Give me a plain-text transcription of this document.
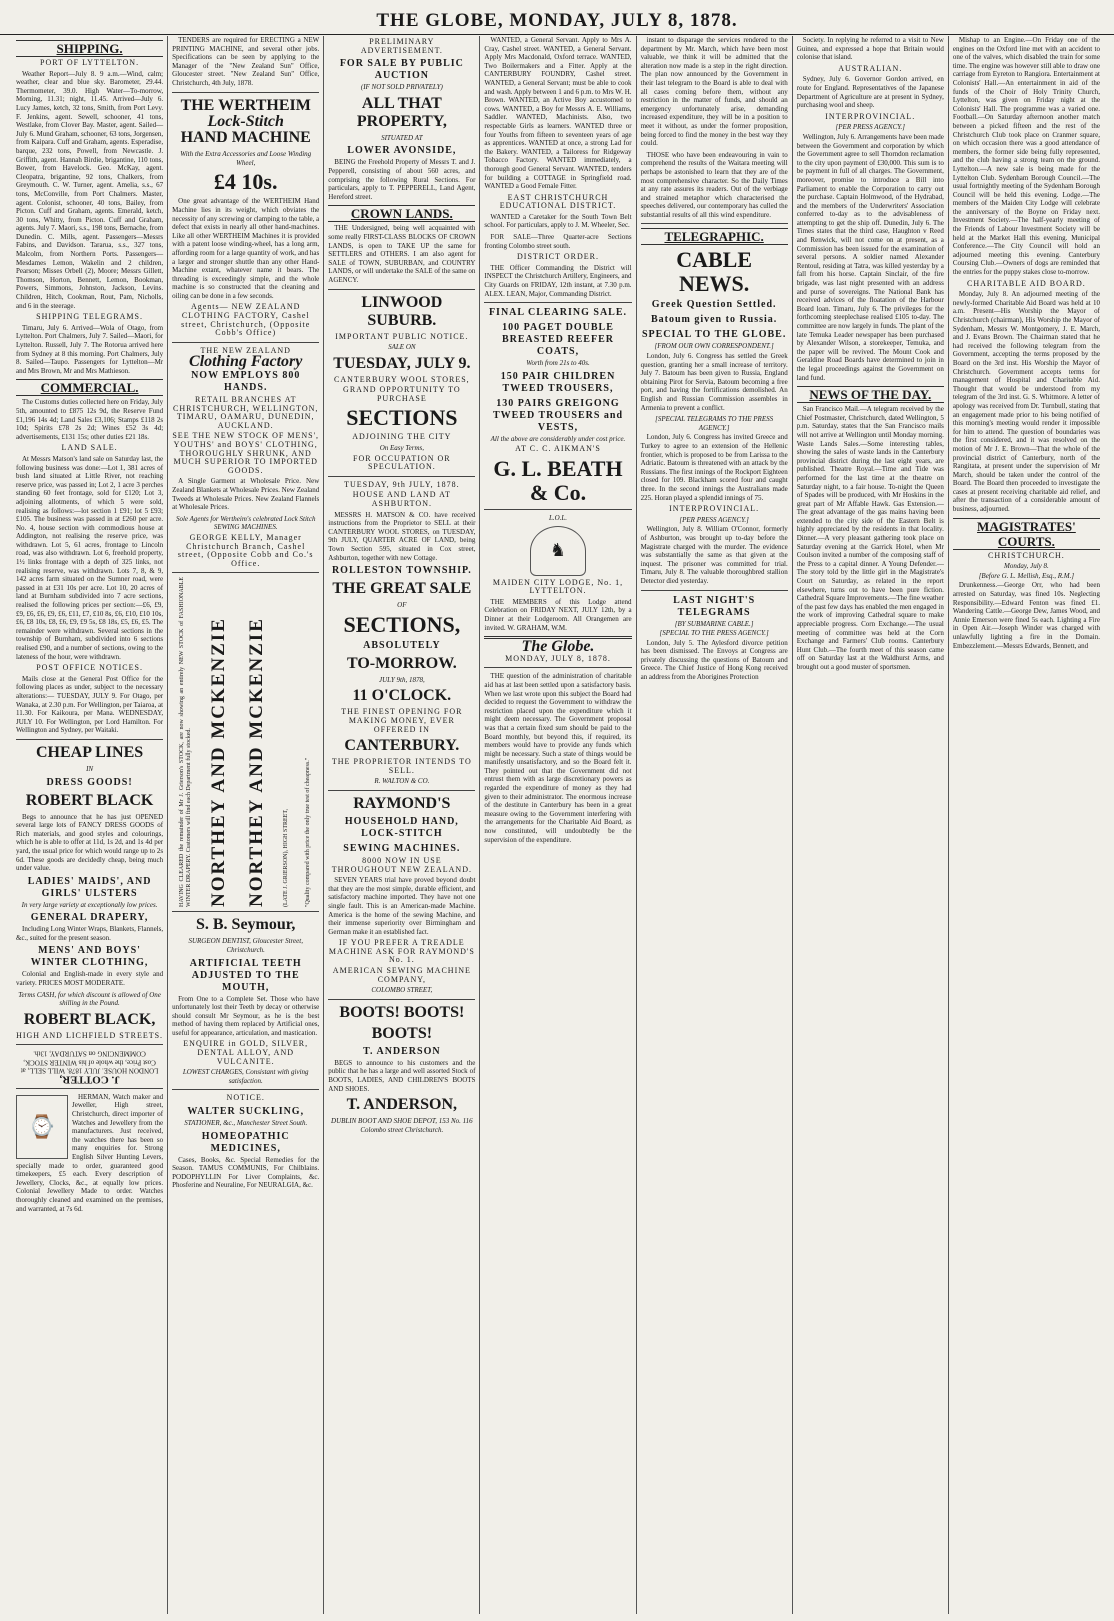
THE GLOBE, MONDAY, JULY 8, 1878.
SHIPPING.
PORT OF LYTTELTON.

Weather Report—July 8. 9 a.m.—Wind, calm; weather, clear and blue sky. Barometer, 29.44. Thermometer, 39.0. High Water—To-morrow, Morning, 11.31; night, 11.45. Arrived—July 6. Lucy James, ketch, 32 tons, Smith, from Port Levy. F. Jenkins, agent. Sewell, schooner, 41 tons, Westlake, from Clover Bay. Master, agent. Sailed—July 6. Mund Graham, schooner, 63 tons, Jorgensen, from Kaipara. Cuff and Graham, agents. Esperadise, barque, 232 tons, Powell, from Newcastle. J. Griffith, agent. Hannah Birdie, brigantine, 110 tons, Bower, from Havelock. Geo. McKay, agent. Cleopatra, brigantine, 92 tons, Chalkers, from Greymouth. C. W. Turner, agent. Amelia, s.s., 67 tons, McConville, from Port Chalmers. Master, agent. Colonist, schooner, 40 tons, Bailey, from Picton. Cuff and Graham, agents. Emerald, ketch, 30 tons, Whitty, from Picton. Cuff and Graham, agents. July 7. Maori, s.s., 198 tons, Bernache, from Dunedin. C. Mills, agent. Passengers—Messrs Fabins, and Davidson. Tararua, s.s., 327 tons, Malcolm, from Northern Ports. Passengers—Mesdames Lemon, Wakelin and 2 children, Pearson; Misses Orbell (2), Moore; Messrs Gillett, Thomson, Horton, Bennett, Lemon, Bookman, Powers, Simmons, Johnston, Jackson, Levins. Children, Hitch, Cookman, Rout, Pam, Nicholls, and 6 in the steerage.

SHIPPING TELEGRAMS.

Timaru, July 6. Arrived—Wola of Otago, from Lyttelton. Port Chalmers, July 7. Sailed—Maori, for Lyttelton. Russell, July 7. The Rotorua arrived here from Sydney at 8 this morning. Port Chalmers, July 8. Sailed—Taupo. Passengers for Lyttelton—Mr and Mrs Brown, Mr and Mrs Mathieson.

COMMERCIAL.

The Customs duties collected here on Friday, July 5th, amounted to £875 12s 9d, the Reserve Fund £1,196 14s 4d; Land Sales £3,106; Stamps £118 2s 10d; Spirits £78 2s 2d; Wines £52 3s 4d; advertisements, £131 15s; other duties £21 18s.

LAND SALE.

At Messrs Matson's land sale on Saturday last, the following business was done:—Lot 1, 381 acres of bush land situated at Little River, not reaching reserve price, was passed in; Lot 2, 1 acre 3 perches standing 60 feet frontage, sold for £120; Lot 3, adjoining allotments, of which 5 were sold, realising as follows:—lot section 1 £91; lot 5 £93; £105. The business was passed in at £260 per acre. No. 4, house section with commodious house at Addington, not realising the reserve price, was withdrawn. Lot 5, 61 acres, frontage to Lincoln road, was also withdrawn. Lot 6, freehold property, 1½ links frontage with a depth of 325 links, not realising reserve, was withdrawn. Lots 7, 8, & 9, 142 acres farm situated on the Sumner road, were passed in at £31 10s per acre. Lot 10, 20 acres of land at Burnham subdivided into 7 acre sections, realised the following prices per section:—£6, £9, £9, £6, £6, £9, £6, £11, £7, £10 8s, £6, £10, £10 10s, £6, £8 10s, £8, £6, £9, £9 5s, £8 18s, £5, £6, £5. The remainder were withdrawn. Several sections in the township of Burnham, subdivided into 6 sections realised £90, and a number of sections, owing to the lateness of the hour, were withdrawn.

POST OFFICE NOTICES.

Mails close at the General Post Office for the following places as under, subject to the necessary alterations:— TUESDAY, JULY 9. For Otago, per Wanaka, at 2.30 p.m. For Wellington, per Taiaroa, at 11.30. For Kaikoura, per Mana. WEDNESDAY, JULY 10. For Wellington, per Lord Hamilton. For Wellington and Sydney, per Waitaki.

CHEAP LINES
IN
DRESS GOODS!
ROBERT BLACK

Begs to announce that he has just OPENED several large lots of FANCY DRESS GOODS of Rich materials, and good styles and colourings, which he is able to offer at 11d, 1s 2d, and 1s 4d per yard, the usual price for which would range up to 2s 6d. These goods are decidedly cheap, being much under value.

LADIES' MAIDS', AND GIRLS' ULSTERS
In very large variety at exceptionally low prices.
GENERAL DRAPERY,

Including Long Winter Wraps, Blankets, Flannels, &c., suited for the present season.

MENS' AND BOYS' WINTER CLOTHING,

Colonial and English-made in every style and variety. PRICES MOST MODERATE.

Terms CASH, for which discount is allowed of One shilling in the Pound.
ROBERT BLACK,
HIGH AND LICHFIELD STREETS.
J. COTTER,
LONDON HOUSE. JULY 1878. WILL SELL, at Cost Price, the whole of his WINTER STOCK, COMMENCING on SATURDAY, 13th.
⌚

HERMAN, Watch maker and Jeweller, High street, Christchurch, direct importer of Watches and Jewellery from the manufacturers. Just received, the watches there has been so many enquiries for. Strong English Silver Hunting Levers, specially made to order, guaranteed good timekeepers, £5 each. Every description of Jewellery, Clocks, &c., at equally low prices. Colonial Jewellery Made to order. Watches thoroughly cleaned and examined on the premises, and warranted, at 7s 6d.

TENDERS are required for ERECTING a NEW PRINTING MACHINE, and several other jobs. Specifications can be seen by applying to the Manager of the "New Zealand Sun" Office, Gloucester street. "New Zealand Sun" Office, Christchurch, 4th July, 1878.

THE WERTHEIM
Lock-Stitch
HAND MACHINE
With the Extra Accessories and Loose Winding Wheel,
£4 10s.

One great advantage of the WERTHEIM Hand Machine lies in its weight, which obviates the necessity of any screwing or clamping to the table, a defect that exists in nearly all other hand-machines. Like all other WERTHEIM Machines it is provided with a patent loose winding-wheel, has a long arm, affording room for a large quantity of work, and has a larger and stronger shuttle than any other Hand-Machine extant, whatever name it bears. The threading is exceedingly simple, and the whole machine is so constructed that the cleaning and oiling can be done in a few seconds.

Agents— NEW ZEALAND CLOTHING FACTORY, Cashel street, Christchurch, (Opposite Cobb's Office)
THE NEW ZEALAND
Clothing Factory
NOW EMPLOYS 800 HANDS.
RETAIL BRANCHES AT CHRISTCHURCH, WELLINGTON, TIMARU, OAMARU, DUNEDIN, AUCKLAND.
SEE THE NEW STOCK OF MENS', YOUTHS' and BOYS' CLOTHING, THOROUGHLY SHRUNK, AND MUCH SUPERIOR TO IMPORTED GOODS.

A Single Garment at Wholesale Price. New Zealand Blankets at Wholesale Prices. New Zealand Tweeds at Wholesale Prices. New Zealand Flannels at Wholesale Prices.

Sole Agents for Wertheim's celebrated Lock Stitch SEWING MACHINES.
GEORGE KELLY, Manager Christchurch Branch, Cashel street, (Opposite Cobb and Co.'s Office.
HAVING CLEARED the remainder of Mr J. Grierson's STOCK, are now showing an entirely NEW STOCK of FASHIONABLE WINTER DRAPERY. Customers will find each Department fully stocked. NORTHEY AND MCKENZIE NORTHEY AND MCKENZIE	(LATE J. GRIERSON), HIGH STREET,	"Quality compared with price the only true test of cheapness."
S. B. Seymour,
SURGEON DENTIST, Gloucester Street, Christchurch.
ARTIFICIAL TEETH ADJUSTED TO THE MOUTH,

From One to a Complete Set. Those who have unfortunately lost their Teeth by decay or otherwise should consult Mr Seymour, as he is the best method of having them replaced by Artificial ones, useful for appearance, articulation, and mastication.

ENQUIRE in GOLD, SILVER, DENTAL ALLOY, AND VULCANITE.
LOWEST CHARGES, Consistant with giving satisfaction.
NOTICE.
WALTER SUCKLING,
STATIONER, &c., Manchester Street South.
HOMEOPATHIC MEDICINES,

Cases, Books, &c. Special Remedies for the Season. TAMUS COMMUNIS, For Chilblains. PODOPHYLLIN For Liver Complaints, &c. Phosferine and Neuraline, For NEURALGIA, &c.

PRELIMINARY ADVERTISEMENT.
FOR SALE BY PUBLIC AUCTION
(IF NOT SOLD PRIVATELY)
ALL THAT PROPERTY,
SITUATED AT
LOWER AVONSIDE,

BEING the Freehold Property of Messrs T. and J. Pepperell, consisting of about 560 acres, and comprising the following Rural Sections. For particulars, apply to T. PEPPERELL, Land Agent, Hereford street.

CROWN LANDS.

THE Undersigned, being well acquainted with some really FIRST-CLASS BLOCKS OF CROWN LANDS, is open to TAKE UP the same for SETTLERS and OTHERS. I am also agent for SALE of TOWN, SUBURBAN, and COUNTRY LANDS, or will undertake the SALE of the same on AGENCY.

LINWOOD SUBURB.
IMPORTANT PUBLIC NOTICE.
SALE ON
TUESDAY, JULY 9.
CANTERBURY WOOL STORES,
GRAND OPPORTUNITY TO PURCHASE
SECTIONS
ADJOINING THE CITY
On Easy Terms,
FOR OCCUPATION OR SPECULATION.
TUESDAY, 9th JULY, 1878.
HOUSE AND LAND AT ASHBURTON.

MESSRS H. MATSON & CO. have received instructions from the Proprietor to SELL at their CANTERBURY WOOL STORES, on TUESDAY, 9th JULY, QUARTER ACRE OF LAND, being Town Section 595, situated in Cox street, Ashburton, together with new Cottage.

ROLLESTON TOWNSHIP.
THE GREAT SALE
OF
SECTIONS,
ABSOLUTELY
TO-MORROW.
JULY 9th, 1878,
11 O'CLOCK.
THE FINEST OPENING FOR MAKING MONEY, EVER OFFERED IN
CANTERBURY.
THE PROPRIETOR INTENDS TO SELL.
R. WALTON & CO.
RAYMOND'S
HOUSEHOLD HAND, LOCK-STITCH
SEWING MACHINES.
8000 NOW IN USE THROUGHOUT NEW ZEALAND.

SEVEN YEARS trial have proved beyond doubt that they are the most simple, durable efficient, and satisfactory machine imported. They have not one single fault. This is an American-made Machine. America is the home of the sewing Machine, and their immense superiority over Birmingham and German make it an established fact.

IF YOU PREFER A TREADLE MACHINE ASK FOR RAYMOND'S No. 1.
AMERICAN SEWING MACHINE COMPANY,
COLOMBO STREET,
BOOTS! BOOTS!
BOOTS!
T. ANDERSON

BEGS to announce to his customers and the public that he has a large and well assorted Stock of BOOTS, LADIES, AND CHILDREN'S BOOTS AND SHOES.

T. ANDERSON,
DUBLIN BOOT AND SHOE DEPOT, 153 No. 116 Colombo street Christchurch.

WANTED, a General Servant. Apply to Mrs A. Cray, Cashel street. WANTED, a General Servant. Apply Mrs Macdonald, Oxford terrace. WANTED, Two Boilermakers and a Fitter. Apply at the CANTERBURY FOUNDRY, Cashel street. WANTED, a General Servant; must be able to cook and wash. Apply between 1 and 6 p.m. to Mrs W. H. Brown. WANTED, an Active Boy accustomed to cows. WANTED, a Boy for Messrs A. E. Williams, Saddler. WANTED, Machinists. Also, two respectable Girls as learners. WANTED three or four Youths from fifteen to seventeen years of age as apprentices. WANTED at once, a strong Lad for the Bakery. WANTED, a Tailoress for Ridgeway Tobacco Factory. WANTED immediately, a thorough good General Servant. WANTED, tenders for building a COTTAGE in Springfield road. WANTED a Good Female Fitter.

EAST CHRISTCHURCH EDUCATIONAL DISTRICT.

WANTED a Caretaker for the South Town Belt school. For particulars, apply to J. M. Wheeler, Sec.

FOR SALE—Three Quarter-acre Sections fronting Colombo street south.

DISTRICT ORDER.

THE Officer Commanding the District will INSPECT the Christchurch Artillery, Engineers, and City Guards on FRIDAY, 12th instant, at 7.30 p.m. ALEX. LEAN, Major, Commanding District.

FINAL CLEARING SALE.
100 PAGET DOUBLE BREASTED REEFER COATS,
Worth from 21s to 40s.
150 PAIR CHILDREN TWEED TROUSERS,
130 PAIRS GREIGONG TWEED TROUSERS and VESTS,
All the above are considerably under cost price.
AT C. C. AIKMAN'S
G. L. BEATH & Co.
L.O.L.
♞
MAIDEN CITY LODGE, No. 1, LYTTELTON.

THE MEMBERS of this Lodge attend Celebration on FRIDAY NEXT, JULY 12th, by a Dinner at their Lodgeroom. All Orangemen are invited. W. GRAHAM, W.M.

The Globe.
MONDAY, JULY 8, 1878.

THE question of the administration of charitable aid has at last been settled upon a satisfactory basis. When we last wrote upon this subject the Board had decided to request the Government to withdraw the restriction placed upon the expenditure which it might deem necessary. The Government proposal was that a certain fixed sum should be paid to the Board monthly, but beyond this, if required, its members would have to provide any funds which might be necessary. Such a state of things would be manifestly unsatisfactory, and so the Board felt it. They pointed out that the Government did not entrust them with as large discretionary powers as regarded the expenditure of money as they had given to their administrator. The enormous increase of the destitute in Canterbury has been in a great measure owing to the Government interfering with the arrangements for the Charitable Aid Board, as now constituted, will undoubtedly be the supervision of the expenditure.

instant to disparage the services rendered to the department by Mr. March, which have been most valuable, we think it will be admitted that the alteration now made is a step in the right direction. The plan now announced by the Government in their last telegram to the Board is able to deal with all cases coming before them, without any restriction in the matter of funds, and should an emergency unfortunately arise, demanding increased expenditure, they will be in a position to meet it without, as under the former proposition, being forced to find the money in the best way they could.

THOSE who have been endeavouring in vain to comprehend the results of the Waitara meeting will perhaps be astonished to learn that they are of the most comprehensive character. So the Daily Times at any rate assures its readers. Out of the verbiage and strained metaphor which characterised the speeches delivered, our contemporary has culled the substantial results of all this wind expenditure.

TELEGRAPHIC.
CABLE NEWS.
Greek Question Settled.
Batoum given to Russia.
SPECIAL TO THE GLOBE.
[FROM OUR OWN CORRESPONDENT.]

London, July 6. Congress has settled the Greek question, granting her a small increase of territory. July 7. Batoum has been given to Russia, England obtaining Pirot for Servia, Batoum becoming a free port, and having the fortifications demolished. An English and Russian Commission assembles in Armenia to prevent a conflict.

[SPECIAL TELEGRAMS TO THE PRESS AGENCY.]

London, July 6. Congress has invited Greece and Turkey to agree to an extension of the Hellenic frontier, which is proposed to be from Larissa to the Adriatic. Batoum is threatened with an attack by the Russians. The first innings of the Rockport Eighteen closed for 109. Blackham scored four and caught three. In the second innings the Australians made 225. Horan played a splendid innings of 75.

INTERPROVINCIAL.
[PER PRESS AGENCY.]

Wellington, July 8. William O'Connor, formerly of Ashburton, was brought up to-day before the Magistrate charged with the murder. The evidence was substantially the same as that given at the inquest. The prisoner was committed for trial. Timaru, July 8. The valuable thoroughbred stallion Detector died yesterday.

LAST NIGHT'S TELEGRAMS
[BY SUBMARINE CABLE.]
[SPECIAL TO THE PRESS AGENCY.]

London, July 5. The Aylesford divorce petition has been dismissed. The Envoys at Congress are privately discussing the questions of Batoum and Greece. The Chief Justice of Hong Kong received an address from the Aborigines Protection

Society. In replying he referred to a visit to New Guinea, and expressed a hope that Britain would colonise that island.

AUSTRALIAN.

Sydney, July 6. Governor Gordon arrived, en route for England. Representatives of the Japanese Department of Agriculture are at present in Sydney, purchasing wool and sheep.

INTERPROVINCIAL.
[PER PRESS AGENCY.]

Wellington, July 6. Arrangements have been made between the Government and corporation by which the Government agree to sell Thorndon reclamation to the city upon payment of £30,000. This sum is to be payment in full of all charges. The Government, moreover, promise to introduce a Bill into Parliament to enable the Corporation to carry out the purchase. Captain Holmwood, of the Hydrabad, and the members of the Underwriters' Association conferred to-day as to the advisableness of attempting to get the ship off. Dunedin, July 6. The Times states that the third case, Haughton v Reed and Renwick, will not come on at present, as a Commission has been issued for the examination of several persons. A soldier named Alexander Rentoul, residing at Tatra, was killed yesterday by a fall from his horse. Captain Sinclair, of the fire brigade, was last night presented with an address and purse of sovereigns. The National Bank has received advices of the floatation of the Harbour Board loan. Timaru, July 6. The privileges for the forthcoming steeplechase realised £105 to-day. The committee are now largely in funds. The plant of the late Temuka Leader newspaper has been purchased by Alexander Wilson, a storekeeper, Temuka, and the paper will be revived. The Mount Cook and Geraldine Road Boards have determined to join in the legal proceedings against the Government on land fund.

NEWS OF THE DAY.

San Francisco Mail.—A telegram received by the Chief Postmaster, Christchurch, dated Wellington, 5 p.m. Saturday, states that the San Francisco mails will not arrive at Wellington until Monday morning. Waste Lands Sales.—Some interesting tables, showing the sales of waste lands in the Canterbury provincial district during the last eight years, are published. Theatre Royal.—Time and Tide was performed for the last time at the theatre on Saturday night, to a fair house. To-night the Queen of Spades will be produced, with Mr Hoskins in the great part of Mr Affable Hawk. Gas Extension.—The great advantage of the gas mains having been extended to the city side of the Eastern Belt is highly appreciated by the residents in that locality. Dinner.—A very pleasant gathering took place on Saturday evening at the Garrick Hotel, when Mr Coulson invited a number of the composing staff of the Press to a capital dinner. A Young Defender.—The story told by the little girl in the Magistrate's Court on Saturday, as related in the report elsewhere, turns out to have been pure fiction. Cathedral Square Improvements.—The fine weather of the past few days has enabled the men engaged in the work of improving Cathedral square to make appreciable progress. Corn Exchange.—The usual meeting of committee was held at the Corn Exchange and Farmers' Club rooms. Canterbury Hunt Club.—The fourth meet of this season came off on Saturday last at the Waldhurst Arms, and brought out a good muster of sportsmen.

Mishap to an Engine.—On Friday one of the engines on the Oxford line met with an accident to one of the valves, which disabled the train for some time. The engine was however still able to draw one carriage from Eyreton to Rangiora. Entertainment at Colonists' Hall.—An entertainment in aid of the funds of the Choir of Holy Trinity Church, Lyttelton, was given on Friday night at the Colonists' Hall. The programme was a varied one. Football.—On Saturday afternoon another match between a picked fifteen and the rest of the Christchurch Club took place on Cranmer square, on which occasion there was a good attendance of members, the former side being fully represented, and the club having a strong team on the ground. Lyttelton.—A new sale is being made for the Lyttelton Club. Sydenham Borough Council.—The usual fortnightly meeting of the Sydenham Borough Council will be held this evening. Lodge.—The members of the Maiden City Lodge will celebrate the anniversary of the Boyne on Friday next. Investment Society.—The half-yearly meeting of the Friends of Labour Investment Society will be held at the Market Hall this evening. Municipal Conference.—The City Council will hold an adjourned meeting this evening. Canterbury Coursing Club.—Owners of dogs are reminded that the entries for the puppy stakes close to-morrow.

CHARITABLE AID BOARD.

Monday, July 8. An adjourned meeting of the newly-formed Charitable Aid Board was held at 10 a.m. Present—His Worship the Mayor of Christchurch (chairman), His Worship the Mayor of Sydenham, Messrs W. Montgomery, J. E. March, and J. Evans Brown. The Chairman stated that he had received the following telegram from the Government, accepting the terms proposed by the Board on the 3rd inst. His Worship the Mayor of Christchurch. Government accepts terms for management of Hospital and Charitable Aid. Thought that would be understood from my telegram of the 3rd inst. G. S. Whitmore. A letter of apology was received from Dr. Turnbull, stating that an engagement made prior to his being notified of this morning's meeting would render it impossible for him to attend. The question of boundaries was the first considered, and it was resolved on the motion of Mr J. E. Brown—That the whole of the provincial district of Canterbury, north of the Rangitata, at present under the supervision of Mr March, should be taken under the control of the Board. The Board then proceeded to investigate the cases at present receiving charitable aid relief, and after the transaction of a considerable amount of business, adjourned.

MAGISTRATES' COURTS.
CHRISTCHURCH.
Monday, July 8.
[Before G. L. Mellish, Esq., R.M.]

Drunkenness.—George Orr, who had been arrested on Saturday, was fined 10s. Neglecting Responsibility.—Edward Fenton was fined £1. Wandering Cattle.—George Dew, James Wood, and Annie Emerson were fined 5s each. Lighting a Fire in Open Air.—Joseph Winder was charged with unlawfully lighting a fire in the Domain. Embezzlement.—Messrs Edwards, Bennett, and
